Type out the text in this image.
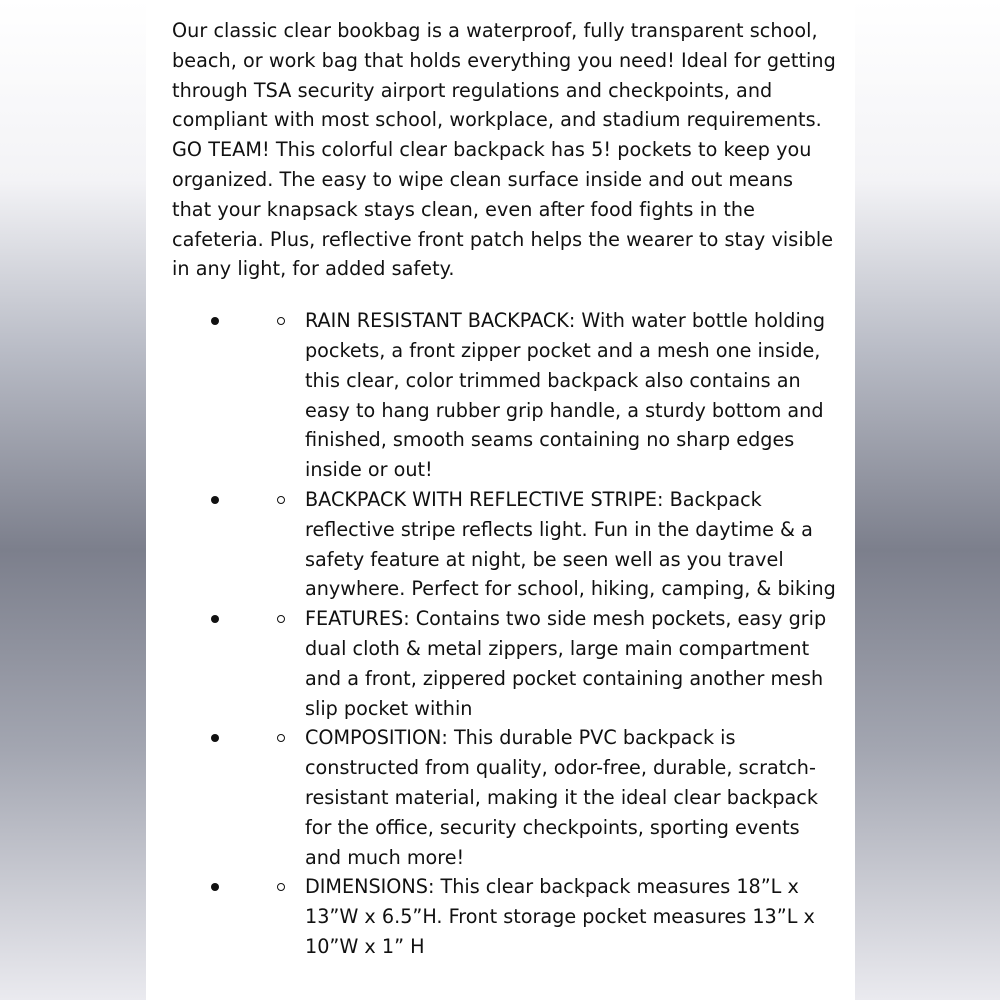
Our classic clear bookbag is a waterproof, fully transparent school, beach, or work bag that holds everything you need! Ideal for getting through TSA security airport regulations and checkpoints, and compliant with most school, workplace, and stadium requirements. GO TEAM! This colorful clear backpack has 5! pockets to keep you organized. The easy to wipe clean surface inside and out means that your knapsack stays clean, even after food fights in the cafeteria. Plus, reflective front patch helps the wearer to stay visible in any light, for added safety.

RAIN RESISTANT BACKPACK: With water bottle holding pockets, a front zipper pocket and a mesh one inside, this clear, color trimmed backpack also contains an easy to hang rubber grip handle, a sturdy bottom and finished, smooth seams containing no sharp edges inside or out!
BACKPACK WITH REFLECTIVE STRIPE: Backpack reflective stripe reflects light. Fun in the daytime & a safety feature at night, be seen well as you travel anywhere. Perfect for school, hiking, camping, & biking
FEATURES: Contains two side mesh pockets, easy grip dual cloth & metal zippers, large main compartment and a front, zippered pocket containing another mesh slip pocket within
COMPOSITION: This durable PVC backpack is constructed from quality, odor-free, durable, scratch-resistant material, making it the ideal clear backpack for the office, security checkpoints, sporting events and much more!
DIMENSIONS: This clear backpack measures 18”L x 13”W x 6.5”H. Front storage pocket measures 13”L x 10”W x 1” H
